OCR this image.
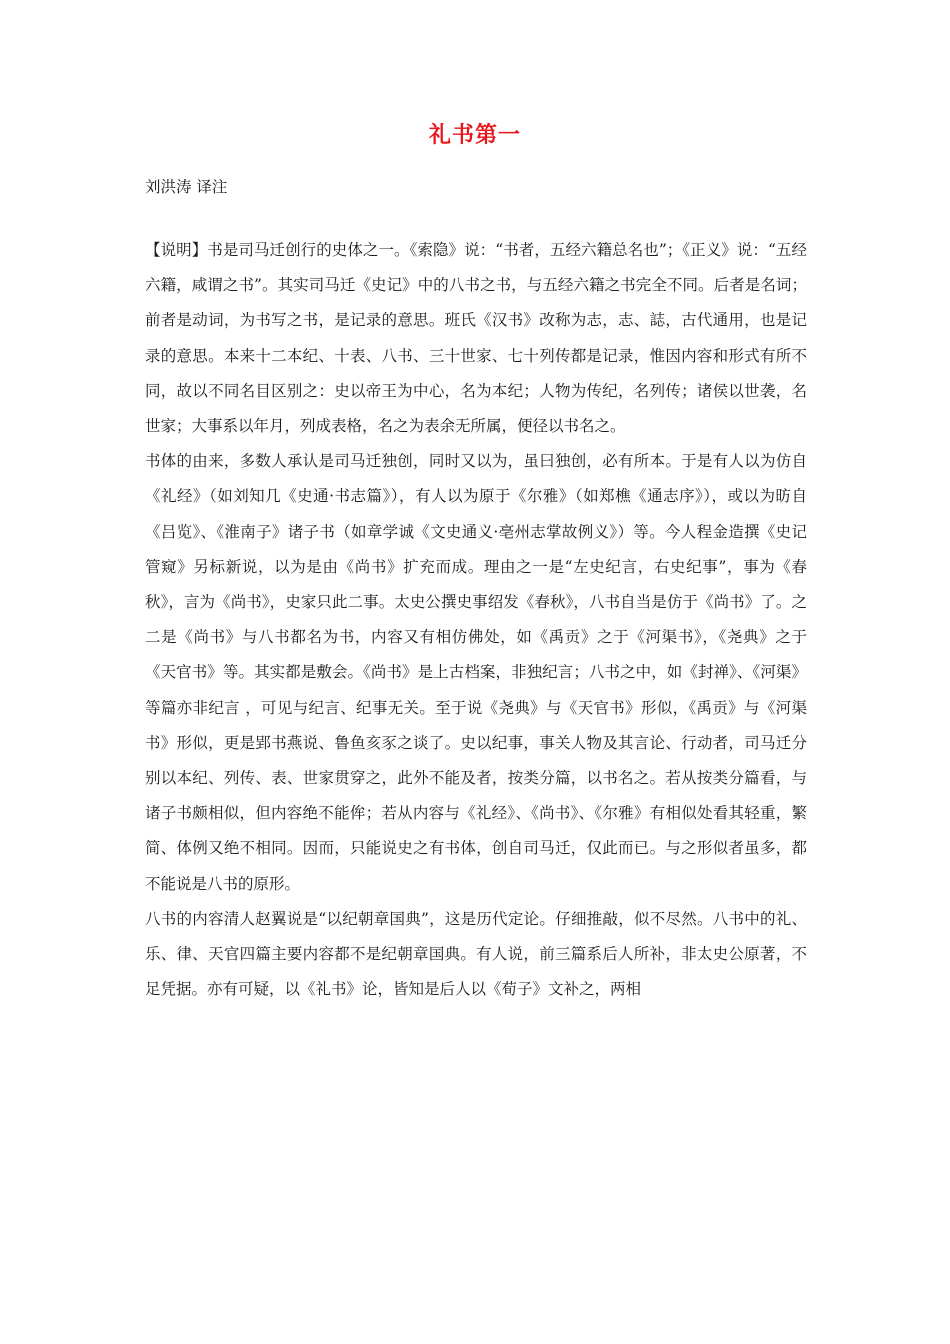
礼书第一
刘洪涛 译注

【说明】书是司马迁创行的史体之一。《索隐》说：“书者，五经六籍总名也”；《正义》说：“五经六籍，咸谓之书”。其实司马迁《史记》中的八书之书，与五经六籍之书完全不同。后者是名词；前者是动词，为书写之书，是记录的意思。班氏《汉书》改称为志，志、誌，古代通用，也是记录的意思。本来十二本纪、十表、八书、三十世家、七十列传都是记录，惟因内容和形式有所不同，故以不同名目区别之：史以帝王为中心，名为本纪；人物为传纪，名列传；诸侯以世袭，名世家；大事系以年月，列成表格，名之为表余无所属，便径以书名之。

书体的由来，多数人承认是司马迁独创，同时又以为，虽曰独创，必有所本。于是有人以为仿自《礼经》（如刘知几《史通·书志篇》），有人以为原于《尔雅》（如郑樵《通志序》），或以为昉自《吕览》、《淮南子》诸子书（如章学诚《文史通义·亳州志掌故例义》）等。今人程金造撰《史记管窥》另标新说，以为是由《尚书》扩充而成。理由之一是“左史纪言，右史纪事”，事为《春秋》，言为《尚书》，史家只此二事。太史公撰史事绍发《春秋》，八书自当是仿于《尚书》了。之二是《尚书》与八书都名为书，内容又有相仿佛处，如《禹贡》之于《河渠书》，《尧典》之于《天官书》等。其实都是敷会。《尚书》是上古档案，非独纪言；八书之中，如《封禅》、《河渠》等篇亦非纪言 ，可见与纪言、纪事无关。至于说《尧典》与《天官书》形似，《禹贡》与《河渠书》形似，更是郢书燕说、鲁鱼亥豕之谈了。史以纪事，事关人物及其言论、行动者，司马迁分别以本纪、列传、表、世家贯穿之，此外不能及者，按类分篇，以书名之。若从按类分篇看，与诸子书颇相似，但内容绝不能侔；若从内容与《礼经》、《尚书》、《尔雅》有相似处看其轻重，繁简、体例又绝不相同。因而，只能说史之有书体，创自司马迁，仅此而已。与之形似者虽多，都不能说是八书的原形。

八书的内容清人赵翼说是“以纪朝章国典”，这是历代定论。仔细推敲，似不尽然。八书中的礼、乐、律、天官四篇主要内容都不是纪朝章国典。有人说，前三篇系后人所补，非太史公原著，不足凭据。亦有可疑，以《礼书》论，皆知是后人以《荀子》文补之，两相
